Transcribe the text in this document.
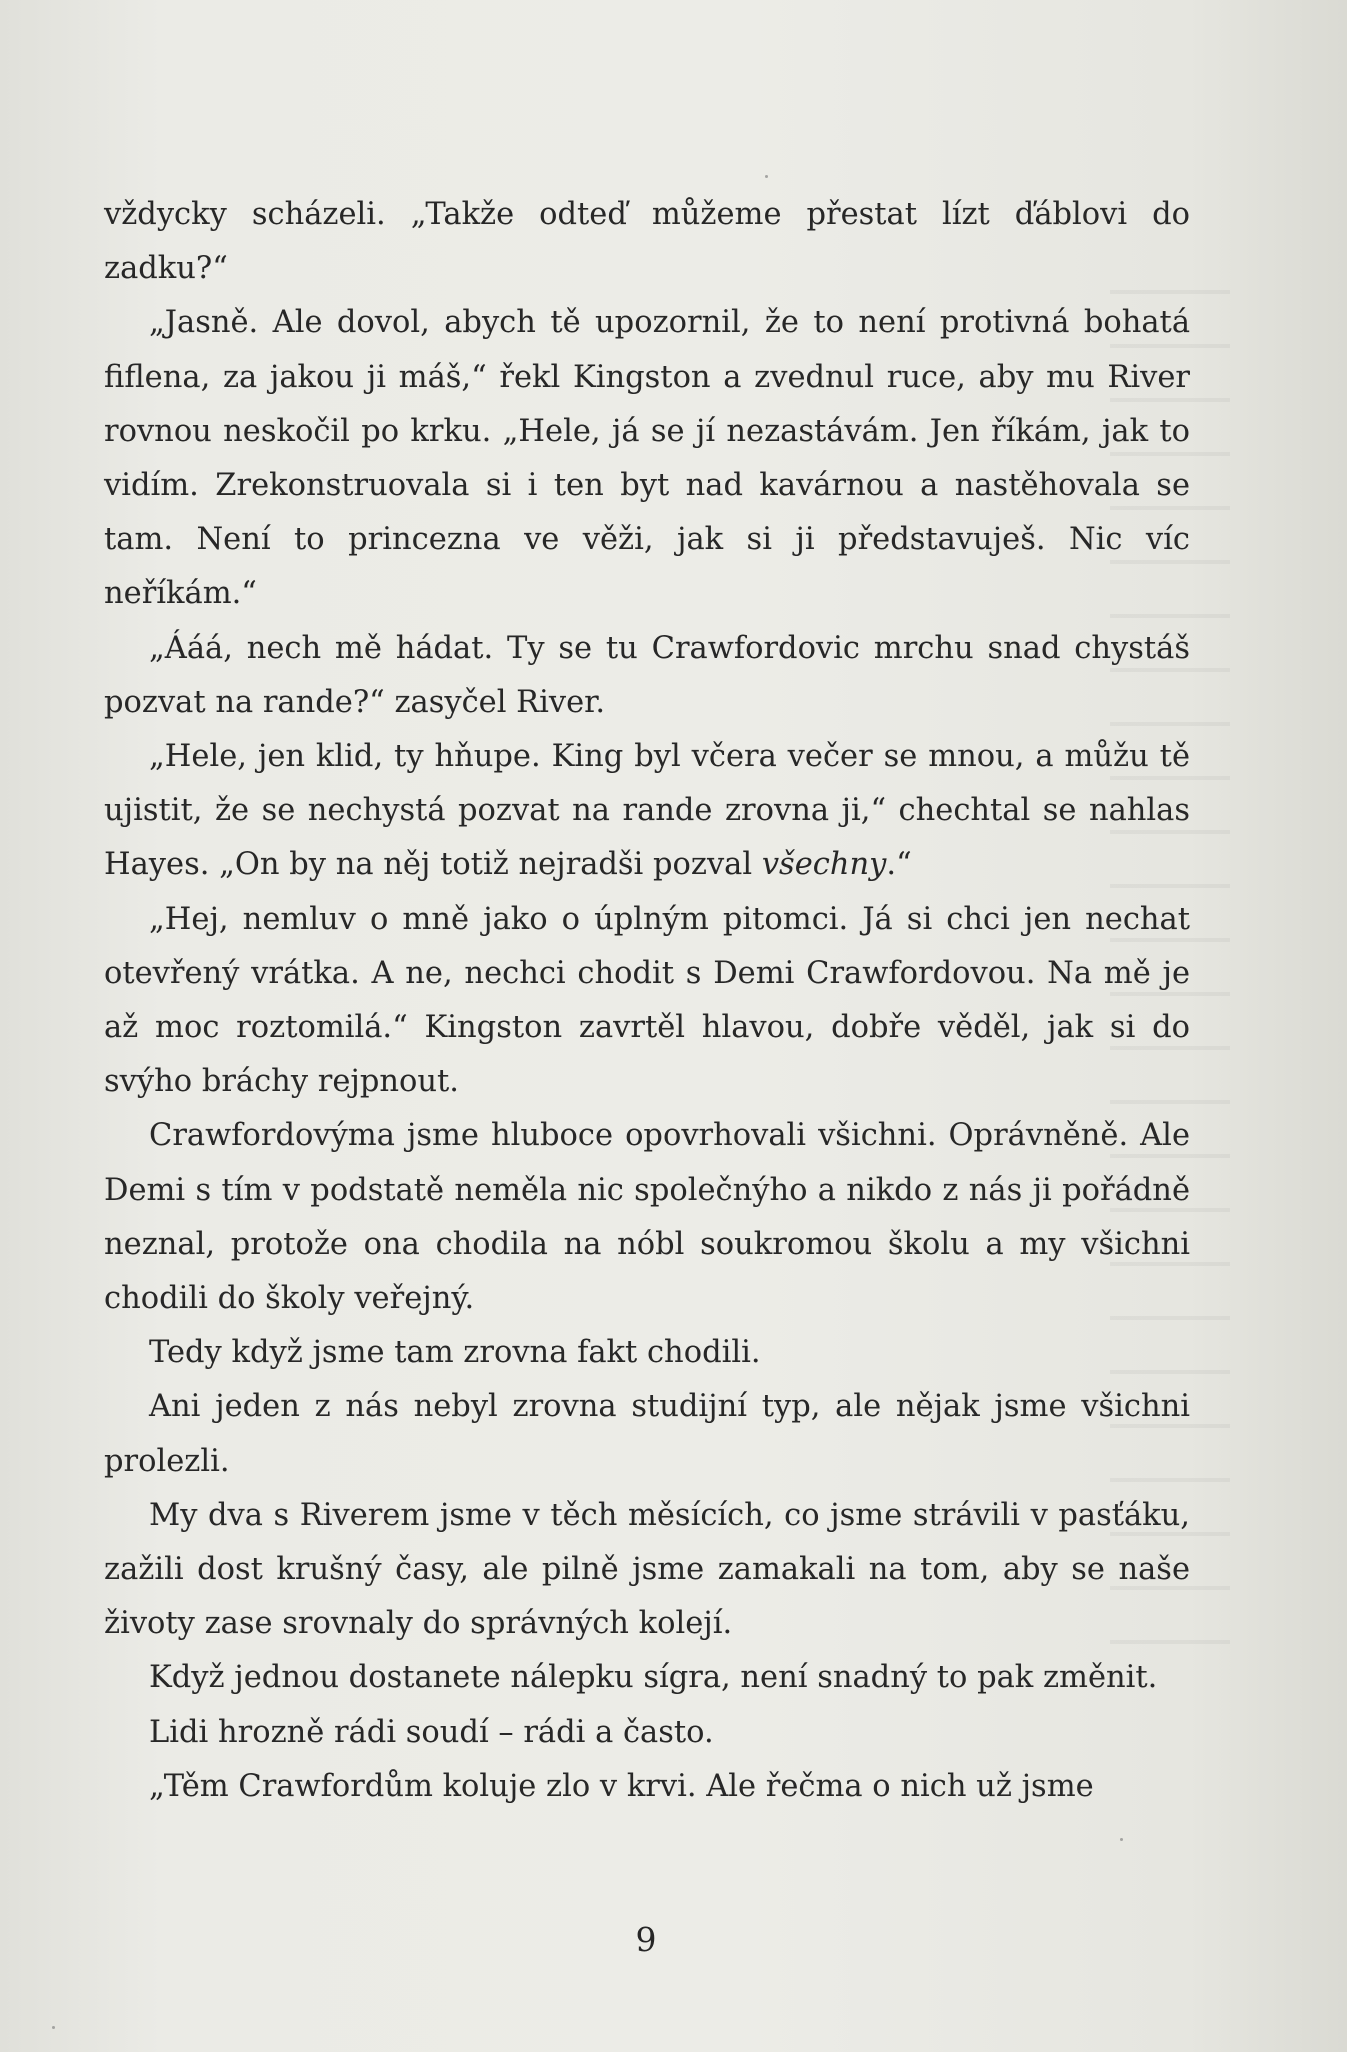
vždycky scházeli. „Takže odteď můžeme přestat lízt ďáblovi do zadku?“

„Jasně. Ale dovol, abych tě upozornil, že to není protivná bohatá fiflena, za jakou ji máš,“ řekl Kingston a zvednul ruce, aby mu River rovnou neskočil po krku. „Hele, já se jí nezastávám. Jen říkám, jak to vidím. Zrekonstruovala si i ten byt nad kavárnou a nastěhovala se tam. Není to princezna ve věži, jak si ji představuješ. Nic víc neříkám.“

„Ááá, nech mě hádat. Ty se tu Crawfordovic mrchu snad chystáš pozvat na rande?“ zasyčel River.

„Hele, jen klid, ty hňupe. King byl včera večer se mnou, a můžu tě ujistit, že se nechystá pozvat na rande zrovna ji,“ chechtal se nahlas Hayes. „On by na něj totiž nejradši pozval všechny.“

„Hej, nemluv o mně jako o úplným pitomci. Já si chci jen nechat otevřený vrátka. A ne, nechci chodit s Demi Crawfordovou. Na mě je až moc roztomilá.“ Kingston zavrtěl hlavou, dobře věděl, jak si do svýho bráchy rejpnout.

Crawfordovýma jsme hluboce opovrhovali všichni. Oprávněně. Ale Demi s tím v podstatě neměla nic společnýho a nikdo z nás ji pořádně neznal, protože ona chodila na nóbl soukromou školu a my všichni chodili do školy veřejný.

Tedy když jsme tam zrovna fakt chodili.

Ani jeden z nás nebyl zrovna studijní typ, ale nějak jsme všichni prolezli.

My dva s Riverem jsme v těch měsících, co jsme strávili v pasťáku, zažili dost krušný časy, ale pilně jsme zamakali na tom, aby se naše životy zase srovnaly do správných kolejí.

Když jednou dostanete nálepku sígra, není snadný to pak změnit.

Lidi hrozně rádi soudí – rádi a často.

„Těm Crawfordům koluje zlo v krvi. Ale řečma o nich už jsme

9
